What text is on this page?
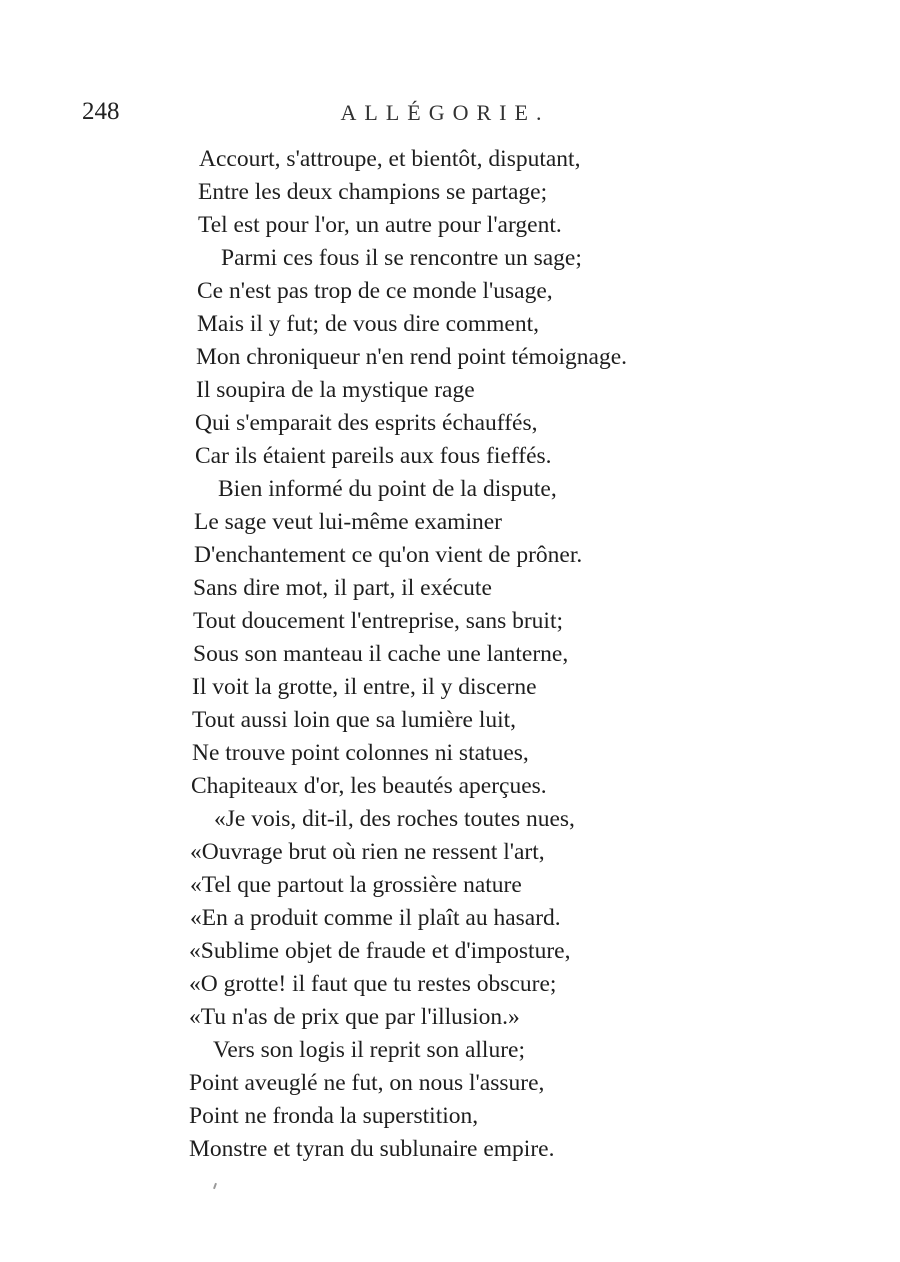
248	ALLÉGORIE.
Accourt, s'attroupe, et bientôt, disputant,
Entre les deux champions se partage;
Tel est pour l'or, un autre pour l'argent.
Parmi ces fous il se rencontre un sage;
Ce n'est pas trop de ce monde l'usage,
Mais il y fut; de vous dire comment,
Mon chroniqueur n'en rend point témoignage.
Il soupira de la mystique rage
Qui s'emparait des esprits échauffés,
Car ils étaient pareils aux fous fieffés.
Bien informé du point de la dispute,
Le sage veut lui-même examiner
D'enchantement ce qu'on vient de prôner.
Sans dire mot, il part, il exécute
Tout doucement l'entreprise, sans bruit;
Sous son manteau il cache une lanterne,
Il voit la grotte, il entre, il y discerne
Tout aussi loin que sa lumière luit,
Ne trouve point colonnes ni statues,
Chapiteaux d'or, les beautés aperçues.
«Je vois, dit-il, des roches toutes nues,
«Ouvrage brut où rien ne ressent l'art,
«Tel que partout la grossière nature
«En a produit comme il plaît au hasard.
«Sublime objet de fraude et d'imposture,
«O grotte! il faut que tu restes obscure;
«Tu n'as de prix que par l'illusion.»
Vers son logis il reprit son allure;
Point aveuglé ne fut, on nous l'assure,
Point ne fronda la superstition,
Monstre et tyran du sublunaire empire.
